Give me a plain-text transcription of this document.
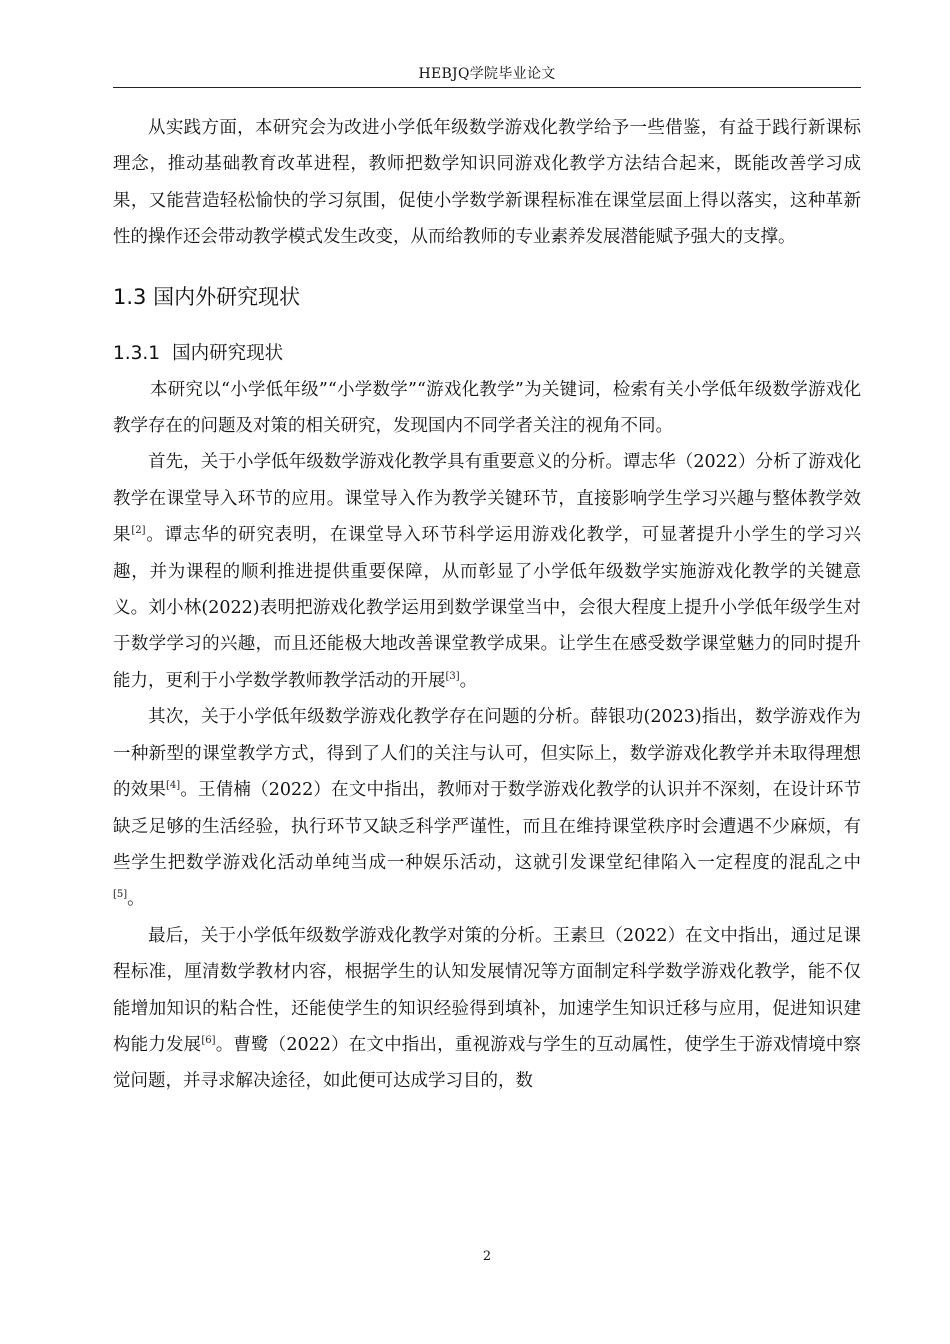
HEBJQ学院毕业论文

从实践方面，本研究会为改进小学低年级数学游戏化教学给予一些借鉴，有益于践行新课标理念，推动基础教育改革进程，教师把数学知识同游戏化教学方法结合起来，既能改善学习成果，又能营造轻松愉快的学习氛围，促使小学数学新课程标准在课堂层面上得以落实，这种革新性的操作还会带动教学模式发生改变，从而给教师的专业素养发展潜能赋予强大的支撑。

1.3 国内外研究现状
1.3.1 国内研究现状

本研究以“小学低年级”“小学数学”“游戏化教学”为关键词，检索有关小学低年级数学游戏化教学存在的问题及对策的相关研究，发现国内不同学者关注的视角不同。

首先，关于小学低年级数学游戏化教学具有重要意义的分析。谭志华（2022）分析了游戏化教学在课堂导入环节的应用。课堂导入作为教学关键环节，直接影响学生学习兴趣与整体教学效果[2]。谭志华的研究表明，在课堂导入环节科学运用游戏化教学，可显著提升小学生的学习兴趣，并为课程的顺利推进提供重要保障，从而彰显了小学低年级数学实施游戏化教学的关键意义。刘小林(2022)表明把游戏化教学运用到数学课堂当中，会很大程度上提升小学低年级学生对于数学学习的兴趣，而且还能极大地改善课堂教学成果。让学生在感受数学课堂魅力的同时提升能力，更利于小学数学教师教学活动的开展[3]。

其次，关于小学低年级数学游戏化教学存在问题的分析。薛银功(2023)指出，数学游戏作为一种新型的课堂教学方式，得到了人们的关注与认可，但实际上，数学游戏化教学并未取得理想的效果[4]。王倩楠（2022）在文中指出，教师对于数学游戏化教学的认识并不深刻，在设计环节缺乏足够的生活经验，执行环节又缺乏科学严谨性，而且在维持课堂秩序时会遭遇不少麻烦，有些学生把数学游戏化活动单纯当成一种娱乐活动，这就引发课堂纪律陷入一定程度的混乱之中[5]。

最后，关于小学低年级数学游戏化教学对策的分析。王素旦（2022）在文中指出，通过足课程标准，厘清数学教材内容，根据学生的认知发展情况等方面制定科学数学游戏化教学，能不仅能增加知识的粘合性，还能使学生的知识经验得到填补，加速学生知识迁移与应用，促进知识建构能力发展[6]。曹鹭（2022）在文中指出，重视游戏与学生的互动属性，使学生于游戏情境中察觉问题，并寻求解决途径，如此便可达成学习目的，数

2
